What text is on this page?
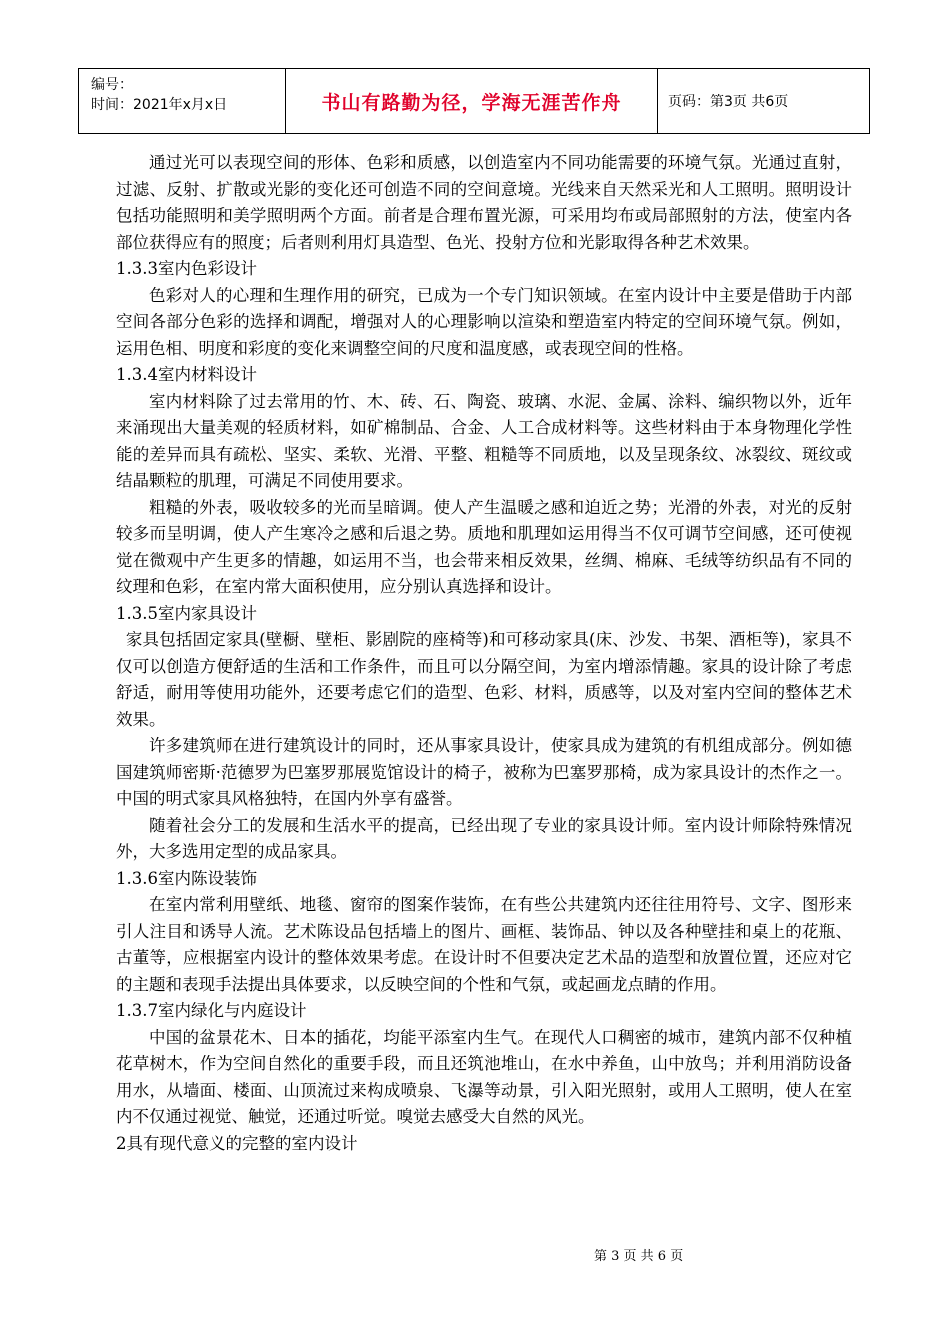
编号：
时间：2021年x月x日	书山有路勤为径，学海无涯苦作舟	页码：第3页 共6页

通过光可以表现空间的形体、色彩和质感，以创造室内不同功能需要的环境气氛。光通过直射，过滤、反射、扩散或光影的变化还可创造不同的空间意境。光线来自天然采光和人工照明。照明设计包括功能照明和美学照明两个方面。前者是合理布置光源，可采用均布或局部照射的方法，使室内各部位获得应有的照度；后者则利用灯具造型、色光、投射方位和光影取得各种艺术效果。

1.3.3室内色彩设计

色彩对人的心理和生理作用的研究，已成为一个专门知识领域。在室内设计中主要是借助于内部空间各部分色彩的选择和调配，增强对人的心理影响以渲染和塑造室内特定的空间环境气氛。例如，运用色相、明度和彩度的变化来调整空间的尺度和温度感，或表现空间的性格。

1.3.4室内材料设计

室内材料除了过去常用的竹、木、砖、石、陶瓷、玻璃、水泥、金属、涂料、编织物以外，近年来涌现出大量美观的轻质材料，如矿棉制品、合金、人工合成材料等。这些材料由于本身物理化学性能的差异而具有疏松、坚实、柔软、光滑、平整、粗糙等不同质地，以及呈现条纹、冰裂纹、斑纹或结晶颗粒的肌理，可满足不同使用要求。

粗糙的外表，吸收较多的光而呈暗调。使人产生温暖之感和迫近之势；光滑的外表，对光的反射较多而呈明调，使人产生寒冷之感和后退之势。质地和肌理如运用得当不仅可调节空间感，还可使视觉在微观中产生更多的情趣，如运用不当，也会带来相反效果，丝绸、棉麻、毛绒等纺织品有不同的纹理和色彩，在室内常大面积使用，应分别认真选择和设计。

1.3.5室内家具设计

家具包括固定家具(壁橱、壁柜、影剧院的座椅等)和可移动家具(床、沙发、书架、酒柜等)，家具不仅可以创造方便舒适的生活和工作条件，而且可以分隔空间，为室内增添情趣。家具的设计除了考虑舒适，耐用等使用功能外，还要考虑它们的造型、色彩、材料，质感等，以及对室内空间的整体艺术效果。

许多建筑师在进行建筑设计的同时，还从事家具设计，使家具成为建筑的有机组成部分。例如德国建筑师密斯·范德罗为巴塞罗那展览馆设计的椅子，被称为巴塞罗那椅，成为家具设计的杰作之一。中国的明式家具风格独特，在国内外享有盛誉。

随着社会分工的发展和生活水平的提高，已经出现了专业的家具设计师。室内设计师除特殊情况外，大多选用定型的成品家具。

1.3.6室内陈设装饰

在室内常利用壁纸、地毯、窗帘的图案作装饰，在有些公共建筑内还往往用符号、文字、图形来引人注目和诱导人流。艺术陈设品包括墙上的图片、画框、装饰品、钟以及各种壁挂和桌上的花瓶、古董等，应根据室内设计的整体效果考虑。在设计时不但要决定艺术品的造型和放置位置，还应对它的主题和表现手法提出具体要求，以反映空间的个性和气氛，或起画龙点睛的作用。

1.3.7室内绿化与内庭设计

中国的盆景花木、日本的插花，均能平添室内生气。在现代人口稠密的城市，建筑内部不仅种植花草树木，作为空间自然化的重要手段，而且还筑池堆山，在水中养鱼，山中放鸟；并利用消防设备用水，从墙面、楼面、山顶流过来构成喷泉、飞瀑等动景，引入阳光照射，或用人工照明，使人在室内不仅通过视觉、触觉，还通过听觉。嗅觉去感受大自然的风光。

2具有现代意义的完整的室内设计

第 3 页 共 6 页
